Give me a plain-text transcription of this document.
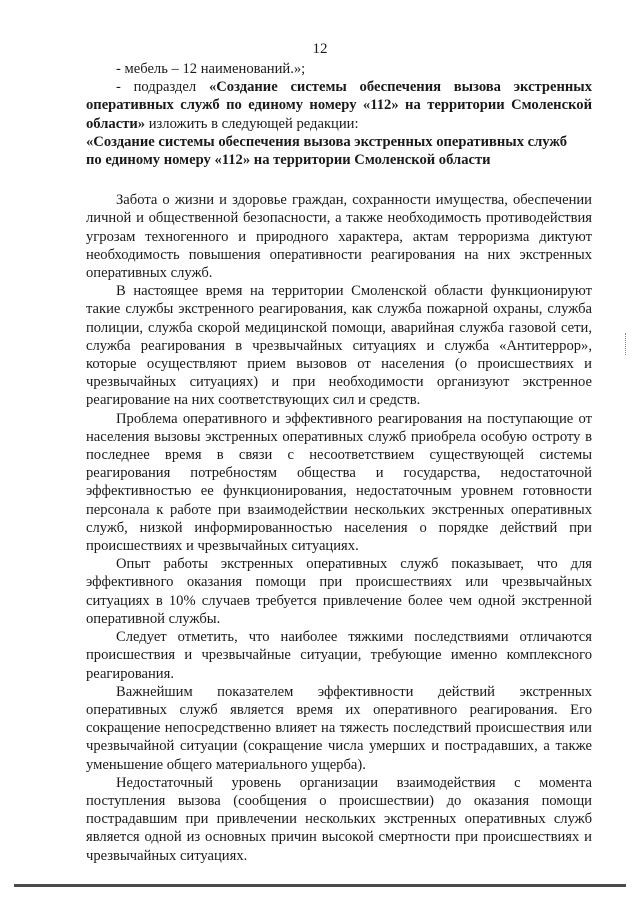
12

- мебель – 12 наименований.»;

- подраздел «Создание системы обеспечения вызова экстренных оперативных служб по единому номеру «112» на территории Смоленской области» изложить в следующей редакции:

«Создание системы обеспечения вызова экстренных оперативных служб

по единому номеру «112» на территории Смоленской области

Забота о жизни и здоровье граждан, сохранности имущества, обеспечении личной и общественной безопасности, а также необходимость противодействия угрозам техногенного и природного характера, актам терроризма диктуют необходимость повышения оперативности реагирования на них экстренных оперативных служб.

В настоящее время на территории Смоленской области функционируют такие службы экстренного реагирования, как служба пожарной охраны, служба полиции, служба скорой медицинской помощи, аварийная служба газовой сети, служба реагирования в чрезвычайных ситуациях и служба «Антитеррор», которые осуществляют прием вызовов от населения (о происшествиях и чрезвычайных ситуациях) и при необходимости организуют экстренное реагирование на них соответствующих сил и средств.

Проблема оперативного и эффективного реагирования на поступающие от населения вызовы экстренных оперативных служб приобрела особую остроту в последнее время в связи с несоответствием существующей системы реагирования потребностям общества и государства, недостаточной эффективностью ее функционирования, недостаточным уровнем готовности персонала к работе при взаимодействии нескольких экстренных оперативных служб, низкой информированностью населения о порядке действий при происшествиях и чрезвычайных ситуациях.

Опыт работы экстренных оперативных служб показывает, что для эффективного оказания помощи при происшествиях или чрезвычайных ситуациях в 10% случаев требуется привлечение более чем одной экстренной оперативной службы.

Следует отметить, что наиболее тяжкими последствиями отличаются происшествия и чрезвычайные ситуации, требующие именно комплексного реагирования.

Важнейшим показателем эффективности действий экстренных оперативных служб является время их оперативного реагирования. Его сокращение непосредственно влияет на тяжесть последствий происшествия или чрезвычайной ситуации (сокращение числа умерших и пострадавших, а также уменьшение общего материального ущерба).

Недостаточный уровень организации взаимодействия с момента поступления вызова (сообщения о происшествии) до оказания помощи пострадавшим при привлечении нескольких экстренных оперативных служб является одной из основных причин высокой смертности при происшествиях и чрезвычайных ситуациях.
